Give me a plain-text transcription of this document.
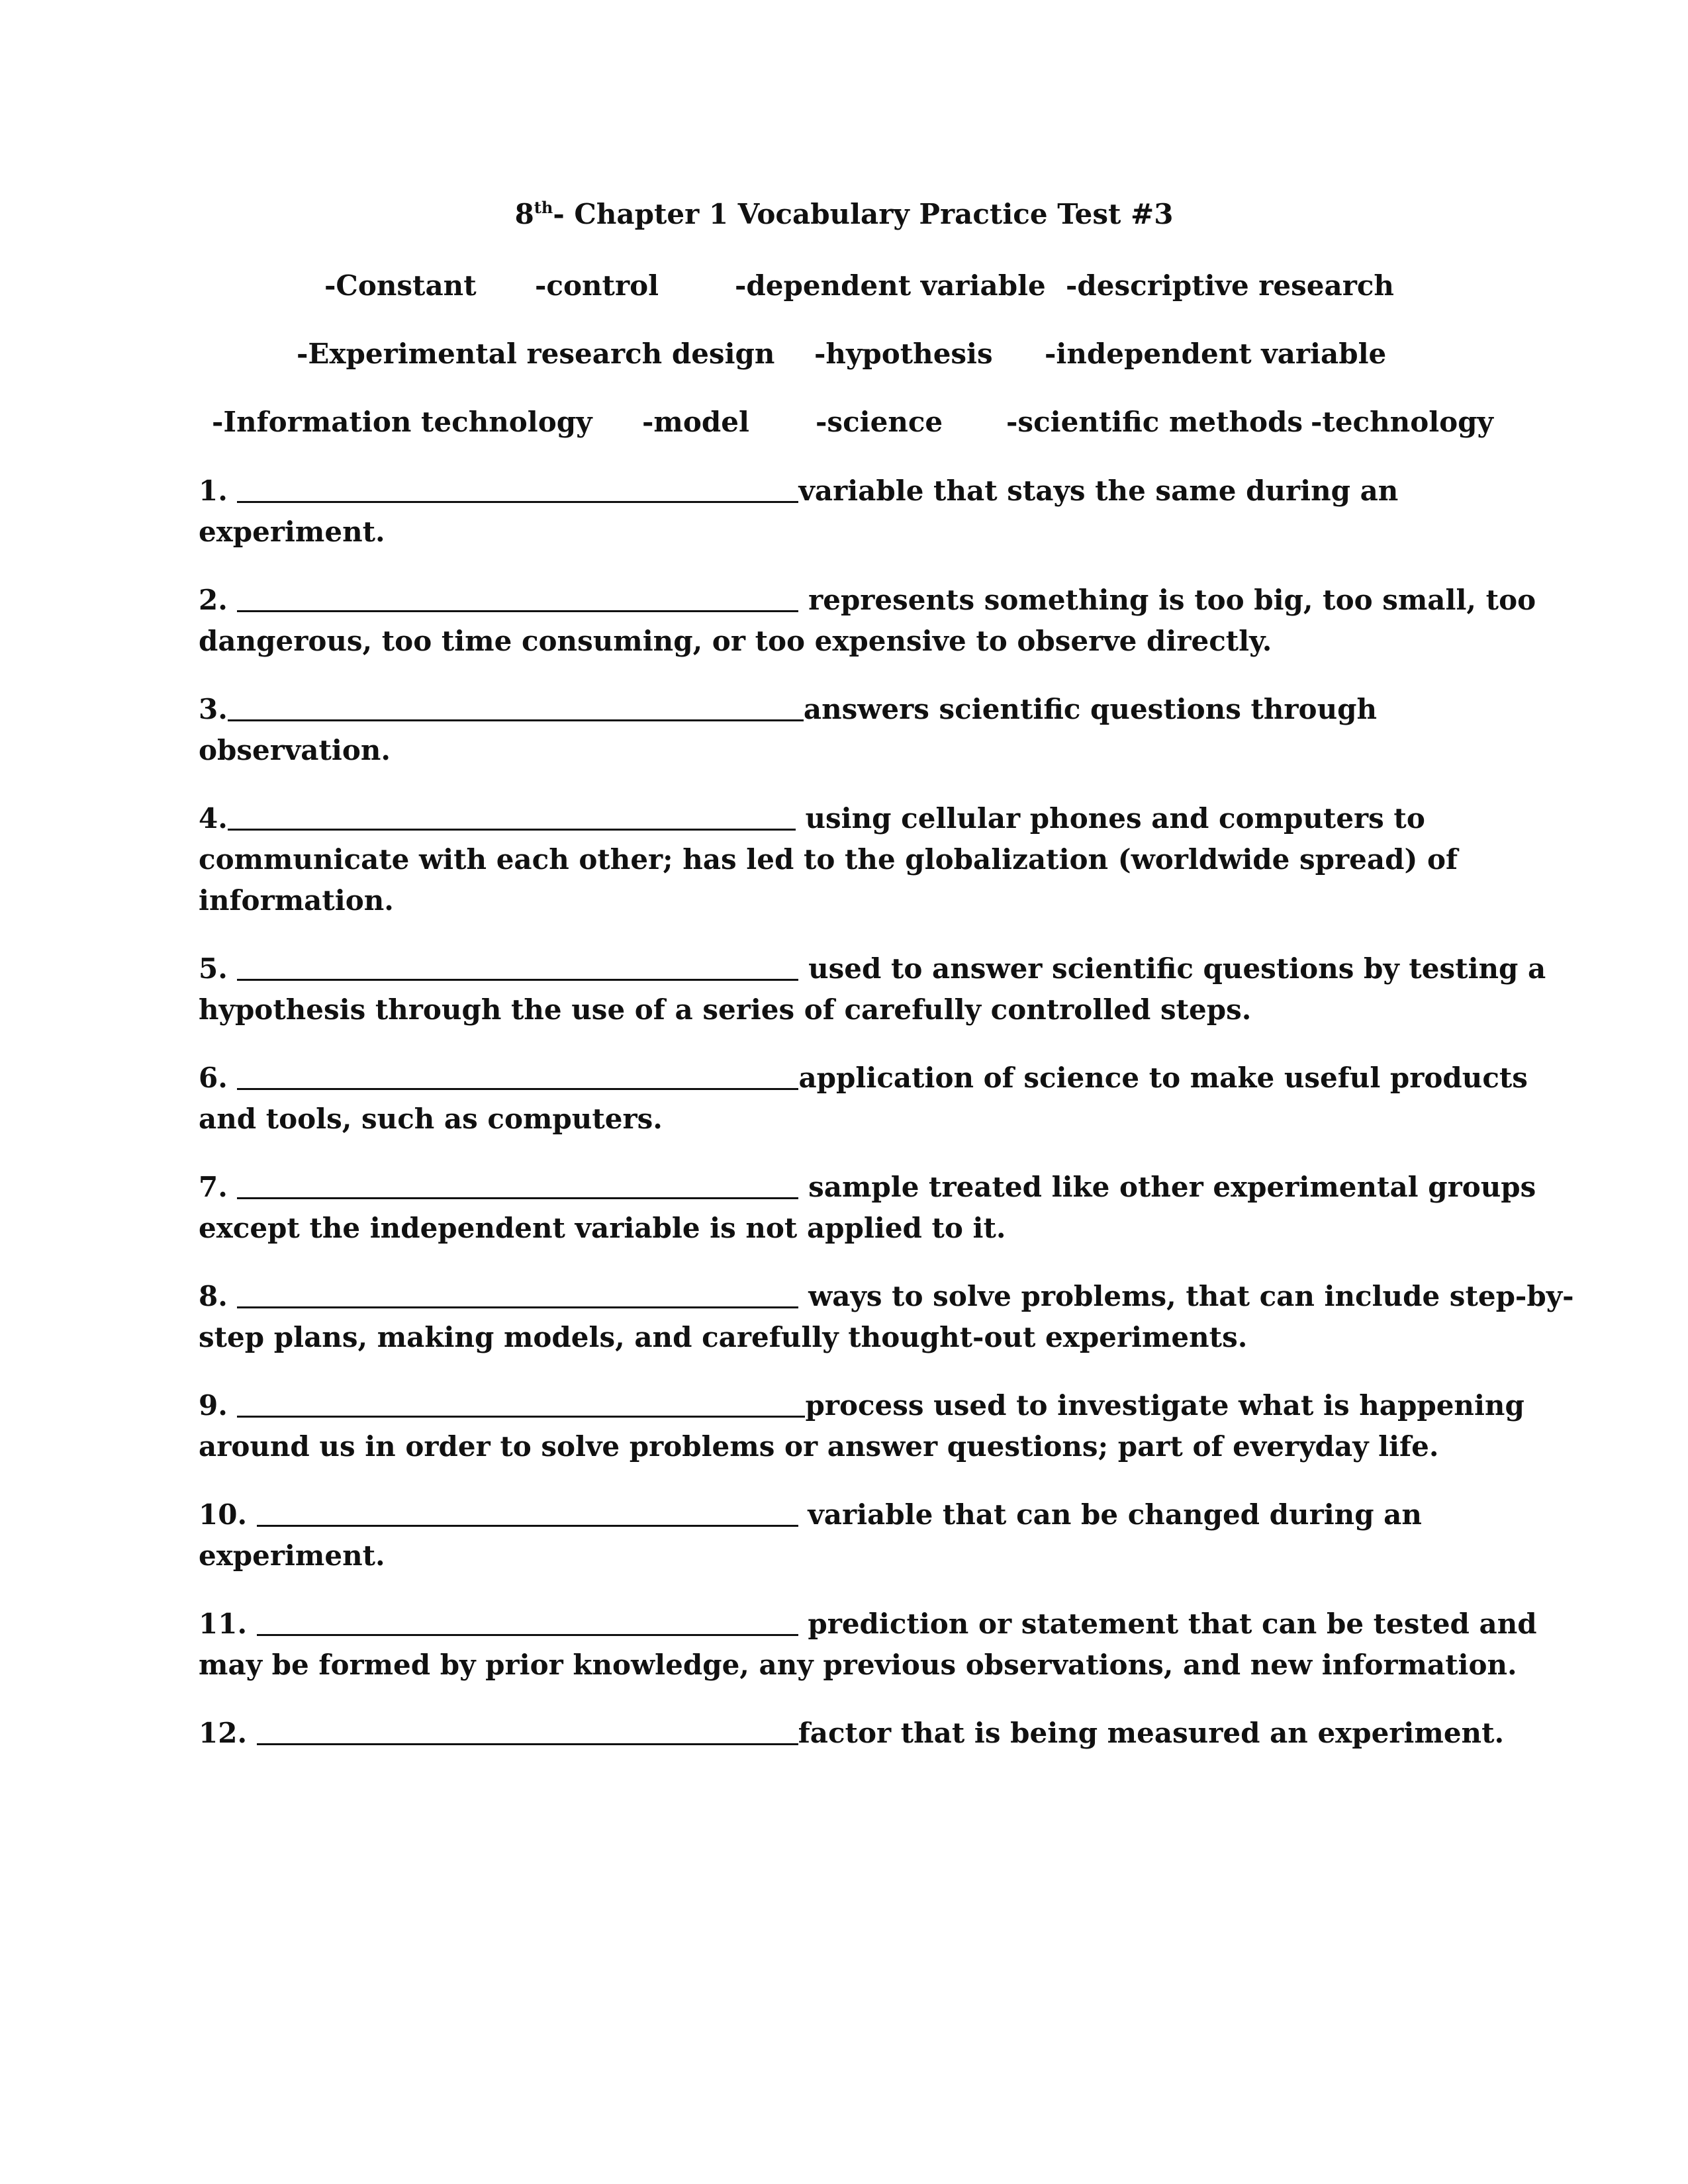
8th- Chapter 1 Vocabulary Practice Test #3
-Constant -control	-dependent variable -descriptive research
-Experimental research design -hypothesis -independent variable
-Information technology -model -science -scientific methods -technology
1.	variable that stays the same during an
experiment.
2.	represents something is too big, too small, too
dangerous, too time consuming, or too expensive to observe directly.
3.	answers scientific questions through
observation.
4.	using cellular phones and computers to
communicate with each other; has led to the globalization (worldwide spread) of
information.
5.	used to answer scientific questions by testing a
hypothesis through the use of a series of carefully controlled steps.
6.	application of science to make useful products
and tools, such as computers.
7.	sample treated like other experimental groups
except the independent variable is not applied to it.
8.	ways to solve problems, that can include step-by-
step plans, making models, and carefully thought-out experiments.
9.	process used to investigate what is happening
around us in order to solve problems or answer questions; part of everyday life.
10.	variable that can be changed during an
experiment.
11.	prediction or statement that can be tested and
may be formed by prior knowledge, any previous observations, and new information.
12.	factor that is being measured an experiment.
